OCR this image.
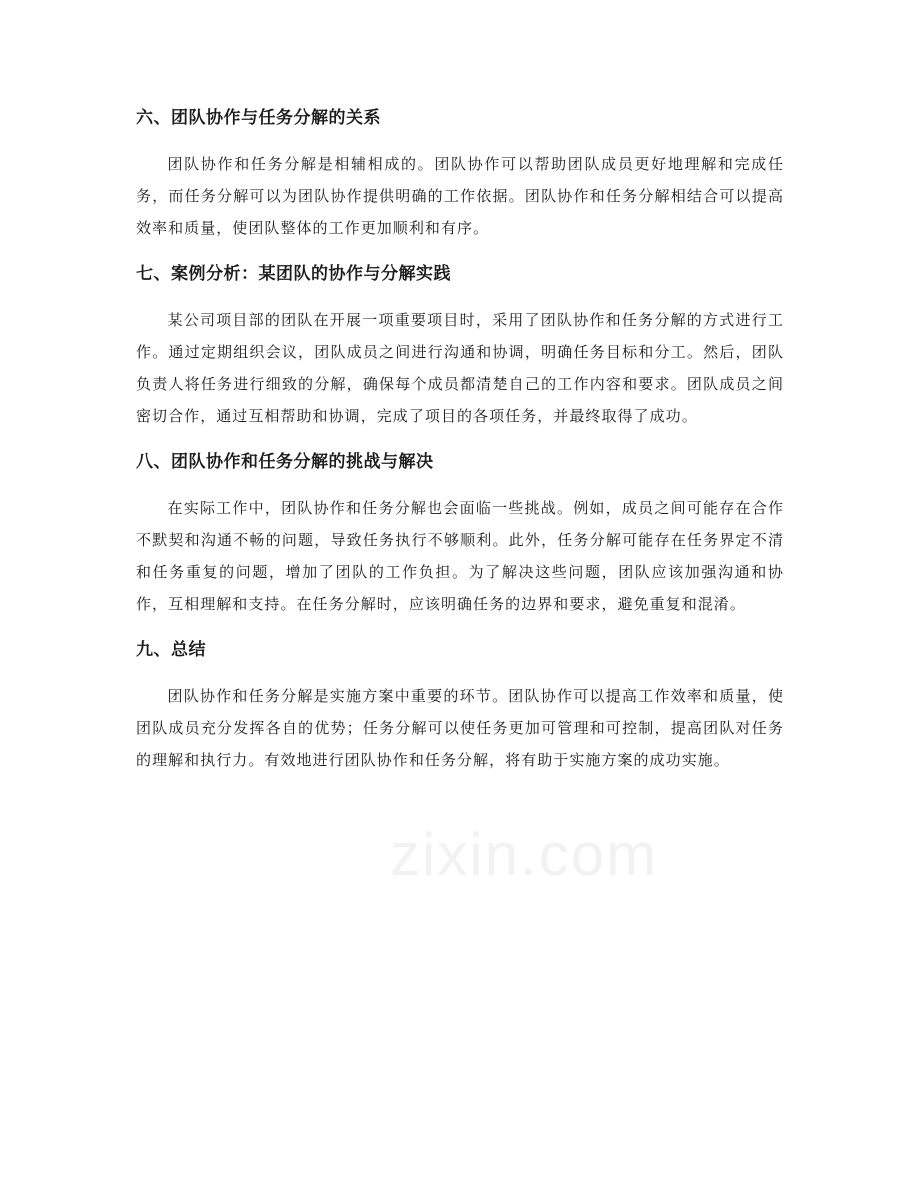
六、团队协作与任务分解的关系

团队协作和任务分解是相辅相成的。团队协作可以帮助团队成员更好地理解和完成任务，而任务分解可以为团队协作提供明确的工作依据。团队协作和任务分解相结合可以提高效率和质量，使团队整体的工作更加顺利和有序。

七、案例分析：某团队的协作与分解实践

某公司项目部的团队在开展一项重要项目时，采用了团队协作和任务分解的方式进行工作。通过定期组织会议，团队成员之间进行沟通和协调，明确任务目标和分工。然后，团队负责人将任务进行细致的分解，确保每个成员都清楚自己的工作内容和要求。团队成员之间密切合作，通过互相帮助和协调，完成了项目的各项任务，并最终取得了成功。

八、团队协作和任务分解的挑战与解决

在实际工作中，团队协作和任务分解也会面临一些挑战。例如，成员之间可能存在合作不默契和沟通不畅的问题，导致任务执行不够顺利。此外，任务分解可能存在任务界定不清和任务重复的问题，增加了团队的工作负担。为了解决这些问题，团队应该加强沟通和协作，互相理解和支持。在任务分解时，应该明确任务的边界和要求，避免重复和混淆。

九、总结

团队协作和任务分解是实施方案中重要的环节。团队协作可以提高工作效率和质量，使团队成员充分发挥各自的优势；任务分解可以使任务更加可管理和可控制，提高团队对任务的理解和执行力。有效地进行团队协作和任务分解，将有助于实施方案的成功实施。

zixin.com
